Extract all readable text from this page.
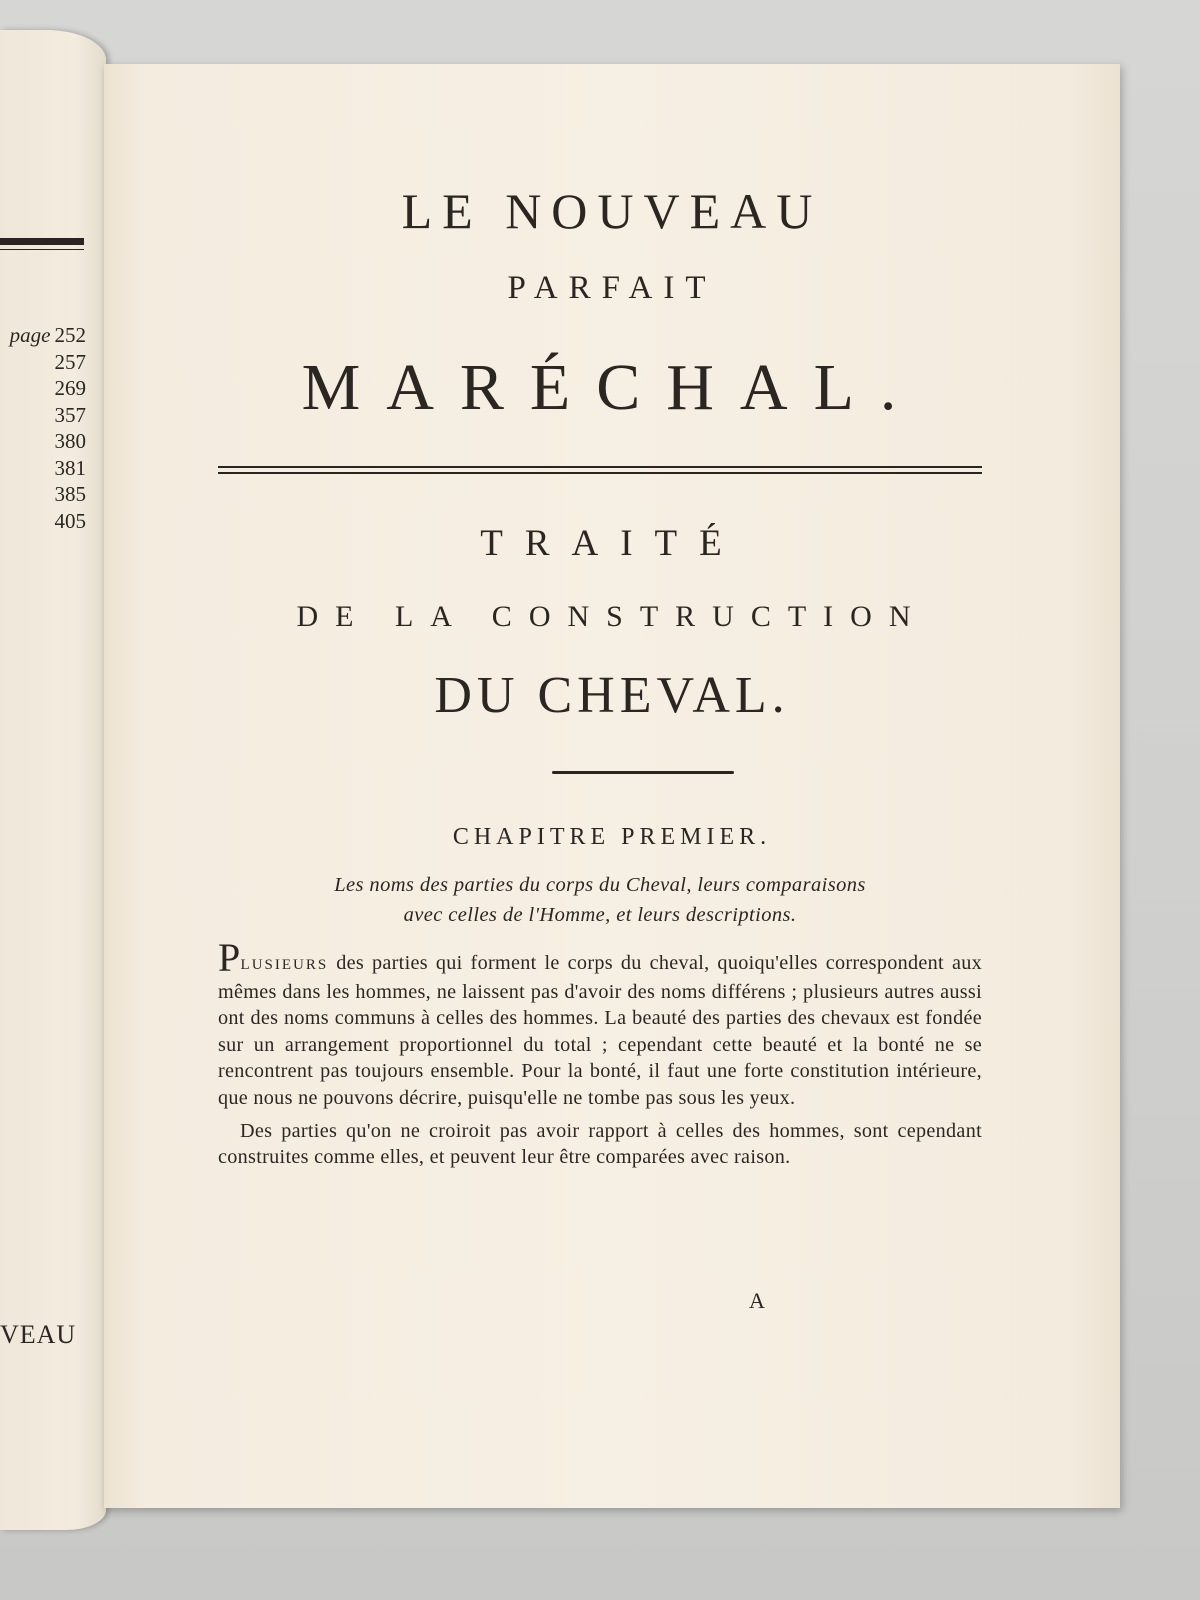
page 252
257
269
357
380
381
385
405
VEAU
LE NOUVEAU
PARFAIT
MARÉCHAL.
TRAITÉ
DE LA CONSTRUCTION
DU CHEVAL.
CHAPITRE PREMIER.
Les noms des parties du corps du Cheval, leurs comparaisons
avec celles de l'Homme, et leurs descriptions.

PLUSIEURS des parties qui forment le corps du cheval, quoiqu'elles correspondent aux mêmes dans les hommes, ne laissent pas d'avoir des noms différens ; plusieurs autres aussi ont des noms communs à celles des hommes. La beauté des parties des chevaux est fondée sur un arrangement proportionnel du total ; cependant cette beauté et la bonté ne se rencontrent pas toujours ensemble. Pour la bonté, il faut une forte constitution intérieure, que nous ne pouvons décrire, puisqu'elle ne tombe pas sous les yeux.

Des parties qu'on ne croiroit pas avoir rapport à celles des hommes, sont cependant construites comme elles, et peuvent leur être comparées avec raison.

A
